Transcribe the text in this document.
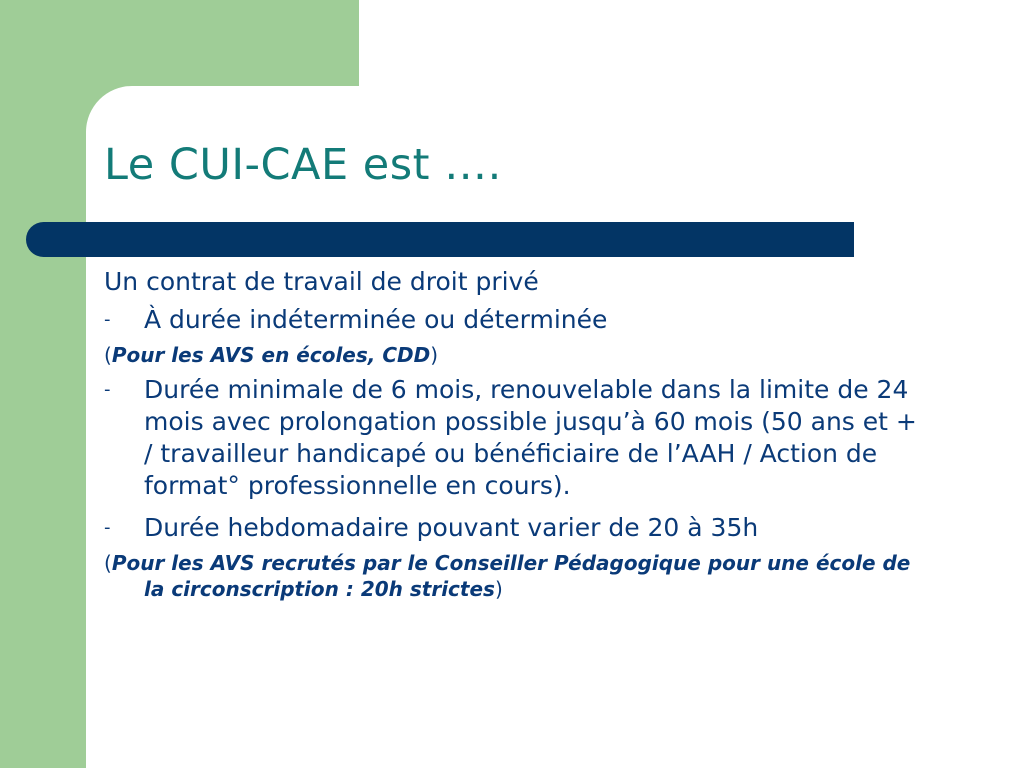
Le CUI-CAE est ….

Un contrat de travail de droit privé

- À durée indéterminée ou déterminée

(Pour les AVS en écoles, CDD)

- Durée minimale de 6 mois, renouvelable dans la limite de 24 mois avec prolongation possible jusqu’à 60 mois (50 ans et + / travailleur handicapé ou bénéficiaire de l’AAH / Action de format° professionnelle en cours).

- Durée hebdomadaire pouvant varier de 20 à 35h

(Pour les AVS recrutés par le Conseiller Pédagogique pour une école de la circonscription : 20h strictes)
